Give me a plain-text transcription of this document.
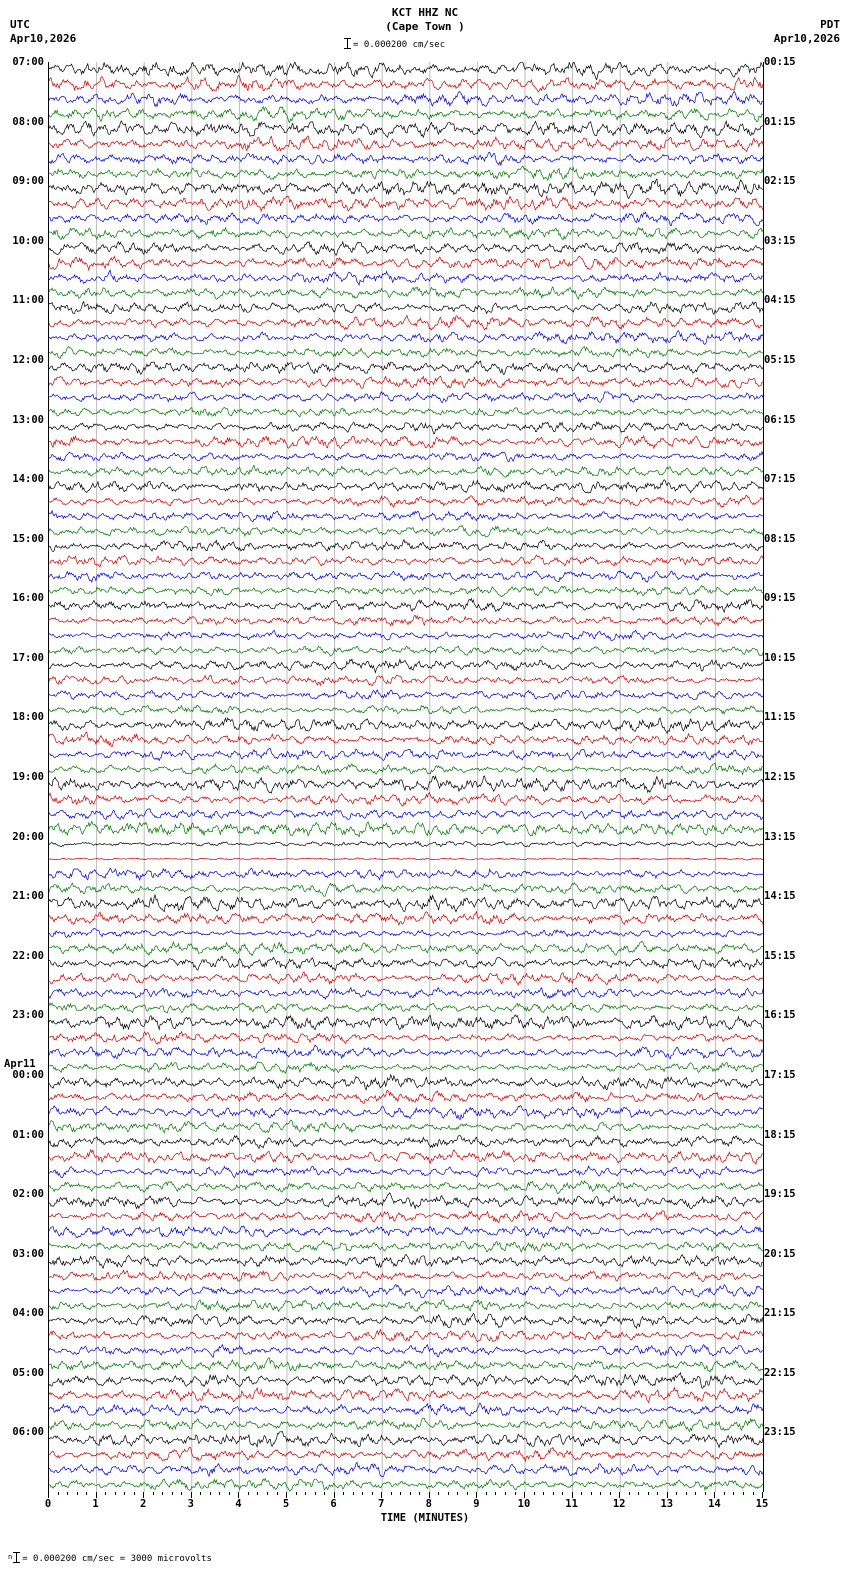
UTC
Apr10,2026
KCT HHZ NC
(Cape Town )	PDT
Apr10,2026
= 0.000200 cm/sec
07:00
08:00
09:00
10:00
11:00
12:00
13:00
14:00
15:00
16:00
17:00
18:00
19:00
20:00
21:00
22:00
23:00
Apr11
00:00
01:00
02:00
03:00
04:00
05:00
06:00
00:15
01:15
02:15
03:15
04:15
05:15
06:15
07:15
08:15
09:15
10:15
11:15
12:15
13:15
14:15
15:15
16:15
17:15
18:15
19:15
20:15
21:15
22:15
23:15
0	1	2	3	4	5	6	7	8	9	10	11	12	13	14	15
TIME (MINUTES)
$^n$ = 0.000200 cm/sec = 3000 microvolts
